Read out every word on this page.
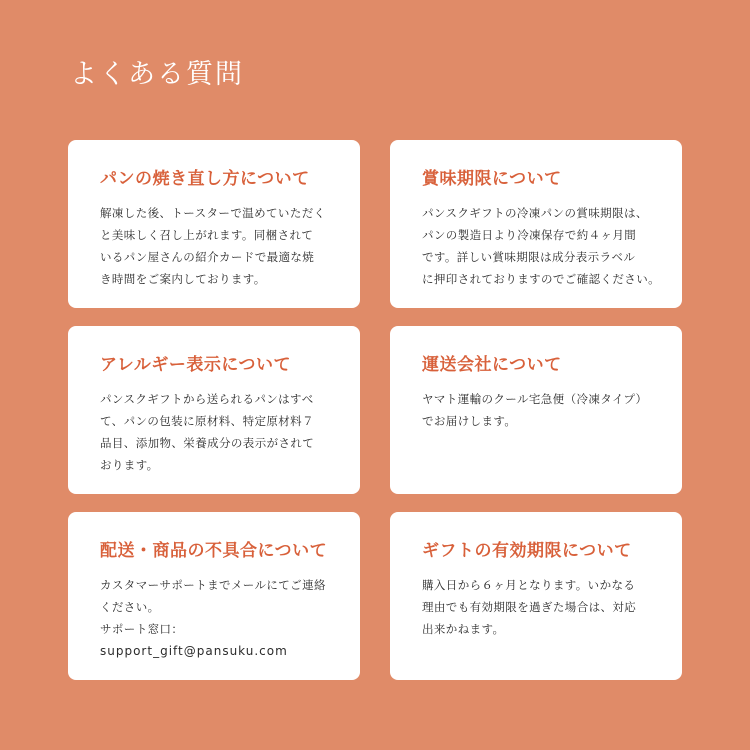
よくある質問
パンの焼き直し方について

解凍した後、トースターで温めていただく
と美味しく召し上がれます。同梱されて
いるパン屋さんの紹介カードで最適な焼
き時間をご案内しております。

賞味期限について

パンスクギフトの冷凍パンの賞味期限は、
パンの製造日より冷凍保存で約４ヶ月間
です。詳しい賞味期限は成分表示ラベル
に押印されておりますのでご確認ください。

アレルギー表示について

パンスクギフトから送られるパンはすべ
て、パンの包装に原材料、特定原材料７
品目、添加物、栄養成分の表示がされて
おります。

運送会社について

ヤマト運輸のクール宅急便（冷凍タイプ）
でお届けします。

配送・商品の不具合について

カスタマーサポートまでメールにてご連絡
ください。
サポート窓口：
support_gift@pansuku.com

ギフトの有効期限について

購入日から６ヶ月となります。いかなる
理由でも有効期限を過ぎた場合は、対応
出来かねます。
